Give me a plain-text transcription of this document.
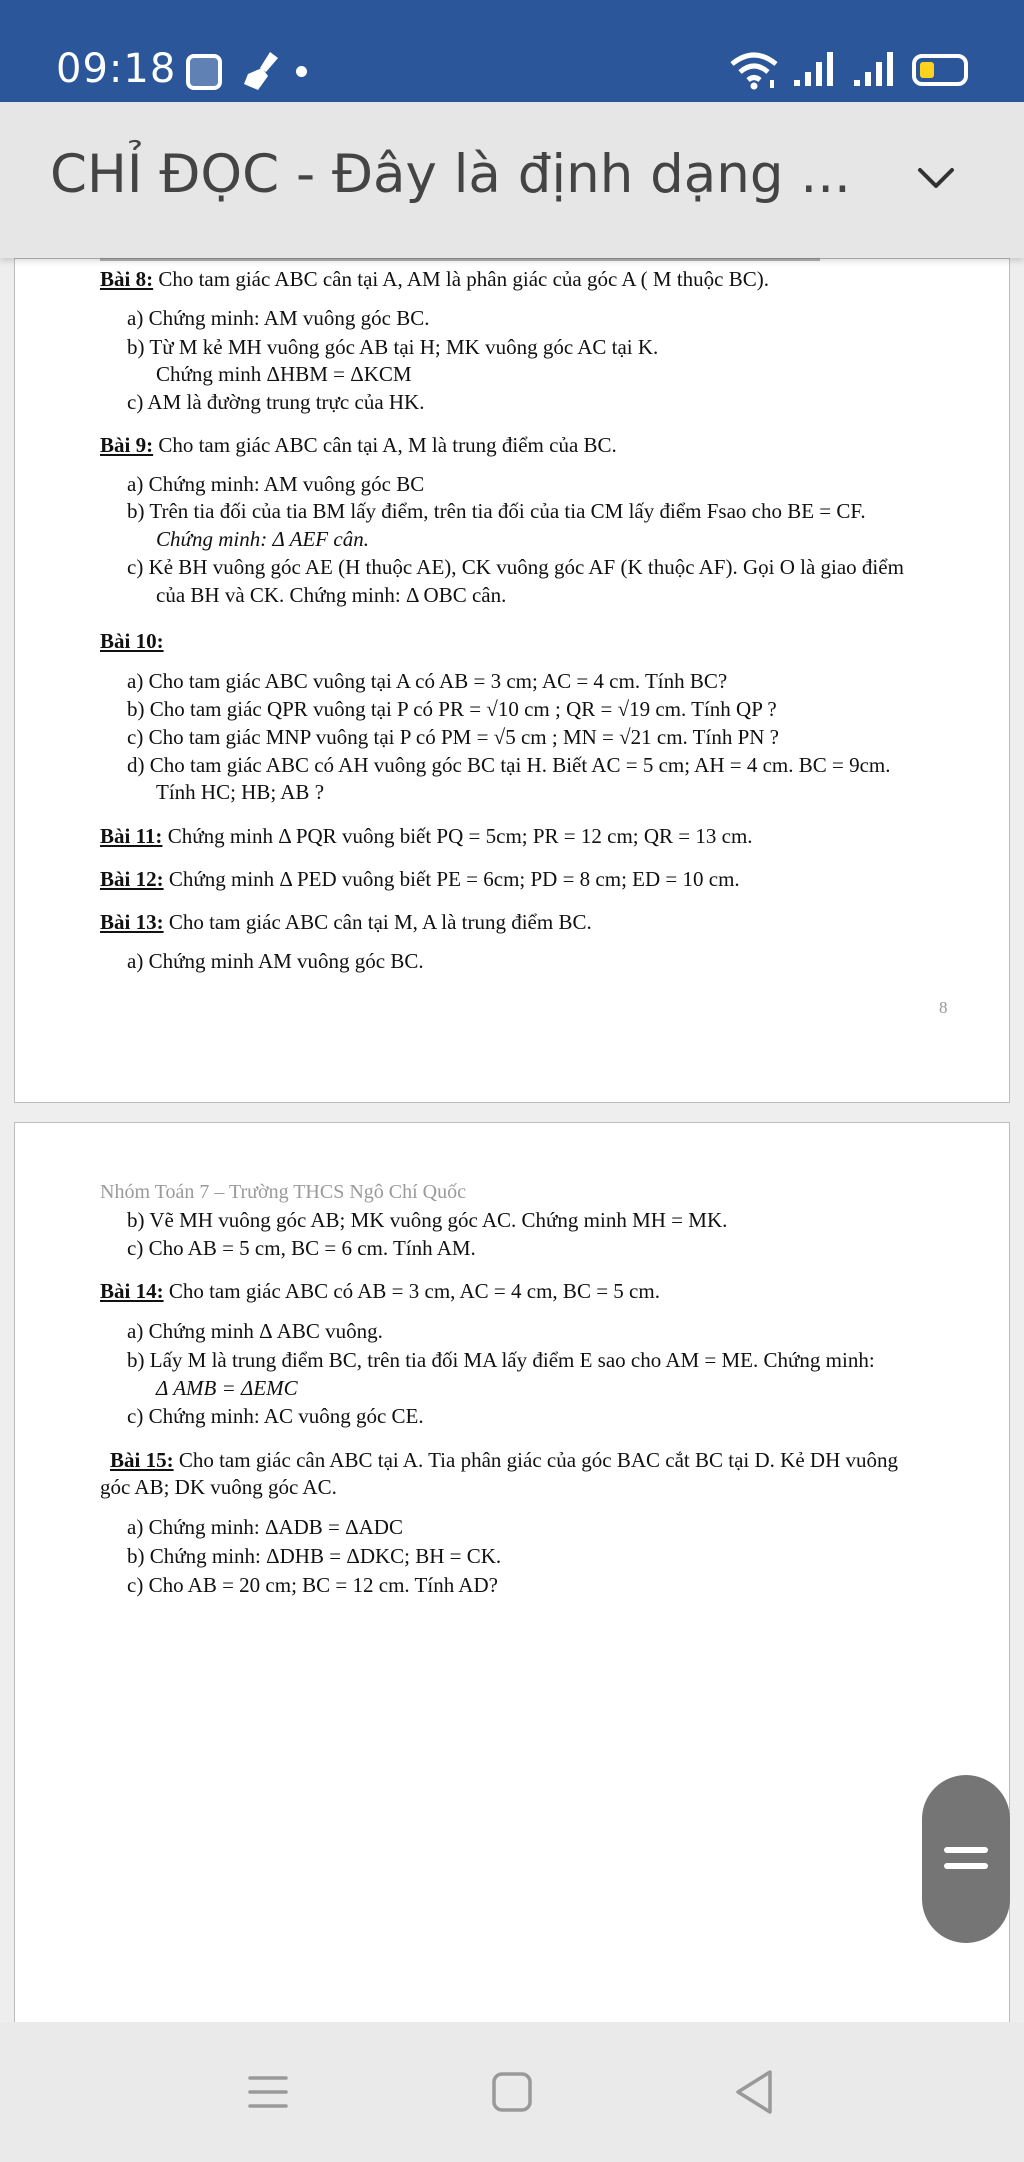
09:18
CHỈ ĐỌC - Đây là định dạng ...
Bài 8: Cho tam giác ABC cân tại A, AM là phân giác của góc A ( M thuộc BC).
a) Chứng minh: AM vuông góc BC.
b) Từ M kẻ MH vuông góc AB tại H; MK vuông góc AC tại K.
Chứng minh ΔHBM = ΔKCM
c) AM là đường trung trực của HK.
Bài 9: Cho tam giác ABC cân tại A, M là trung điểm của BC.
a) Chứng minh: AM vuông góc BC
b) Trên tia đối của tia BM lấy điểm, trên tia đối của tia CM lấy điểm Fsao cho BE = CF.
Chứng minh: Δ AEF cân.
c) Kẻ BH vuông góc AE (H thuộc AE), CK vuông góc AF (K thuộc AF). Gọi O là giao điểm
của BH và CK. Chứng minh: Δ OBC cân.
Bài 10:
a) Cho tam giác ABC vuông tại A có AB = 3 cm; AC = 4 cm. Tính BC?
b) Cho tam giác QPR vuông tại P có PR = √10 cm ; QR = √19 cm. Tính QP ?
c) Cho tam giác MNP vuông tại P có PM = √5 cm ; MN = √21 cm. Tính PN ?
d) Cho tam giác ABC có AH vuông góc BC tại H. Biết AC = 5 cm; AH = 4 cm. BC = 9cm.
Tính HC; HB; AB ?
Bài 11: Chứng minh Δ PQR vuông biết PQ = 5cm; PR = 12 cm; QR = 13 cm.
Bài 12: Chứng minh Δ PED vuông biết PE = 6cm; PD = 8 cm; ED = 10 cm.
Bài 13: Cho tam giác ABC cân tại M, A là trung điểm BC.
a) Chứng minh AM vuông góc BC.
8
Nhóm Toán 7 – Trường THCS Ngô Chí Quốc
b) Vẽ MH vuông góc AB; MK vuông góc AC. Chứng minh MH = MK.
c) Cho AB = 5 cm, BC = 6 cm. Tính AM.
Bài 14: Cho tam giác ABC có AB = 3 cm, AC = 4 cm, BC = 5 cm.
a) Chứng minh Δ ABC vuông.
b) Lấy M là trung điểm BC, trên tia đối MA lấy điểm E sao cho AM = ME. Chứng minh:
Δ AMB = ΔEMC
c) Chứng minh: AC vuông góc CE.
Bài 15: Cho tam giác cân ABC tại A. Tia phân giác của góc BAC cắt BC tại D. Kẻ DH vuông
góc AB; DK vuông góc AC.
a) Chứng minh: ΔADB = ΔADC
b) Chứng minh: ΔDHB = ΔDKC; BH = CK.
c) Cho AB = 20 cm; BC = 12 cm. Tính AD?
